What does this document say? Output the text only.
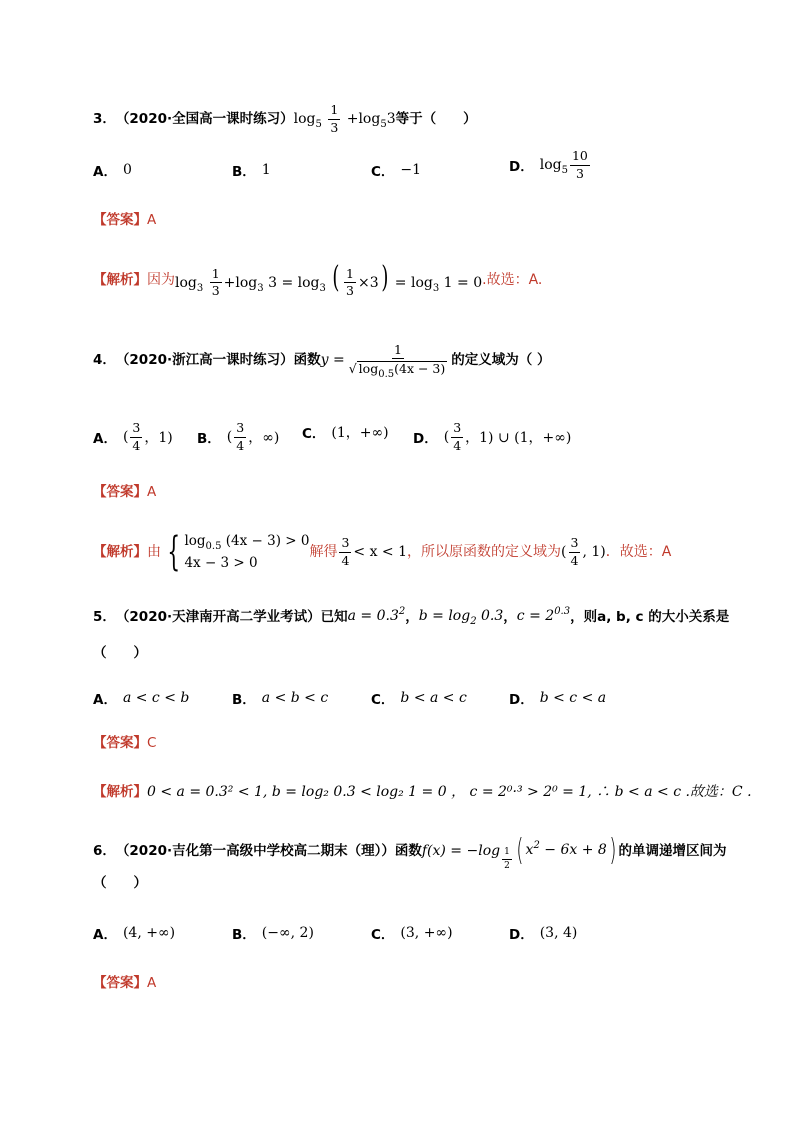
3． （2020·全国高一课时练习） $\log_5 \frac{1}{3} +\log_53$ 等于（　　）
A． 0	B． 1	C． −1	D． $\log_5 \frac{10}{3}$
【答案】 A
【解析】 因为 $\log_3 \frac{1}{3} +\log_3$ $3 = \log_3$ ( $\frac{1}{3} \times 3) = \log_3 1 = 0$ .故选：A.
4． （2020·浙江高一课时练习） 函数 $y = \frac{1}{√ \log_{0.5}(4x - 3)}$ 的定义域为（ ）
A． ( $\frac{3}{4}$ ，1) B． ( $\frac{3}{4}$ ，∞) C． (1，+∞) D． ( $\frac{3}{4}$ ，1) ∪ (1，+∞)
【答案】 A
【解析】 由 { $\log_{0.5} (4x - 3) > 0$
4x − 3 > 0
解得 $\frac{3}{4} < x < 1$ ，所以原函数的定义域为 ( $\frac{3}{4}$ , 1) ．故选：A
5． （2020·天津南开高二学业考试） 已知 $a = 0.3^2$ ， $b = \log_2 0.3$ ， $c = 2^{0.3}$ ，则a, b, c 的大小关系是
（　　）
A． a < c < b	B． a < b < c	C． b < a < c	D． b < c < a
【答案】 C
【解析】 0 < a = 0.3² < 1, b = log₂ 0.3 < log₂ 1 = 0 ， c = 2⁰·³ > 2⁰ = 1, ∴ b < a < c .故选：C .
6． （2020·吉化第一高级中学校高二期末（理）） 函数 $f(x) = -\log \frac{1}{2}$ ( $x^2 - 6x + 8$ ) 的单调递增区间为
（　　）
A． (4, +∞)	B． (−∞, 2)	C． (3, +∞)	D． (3, 4)
【答案】 A
